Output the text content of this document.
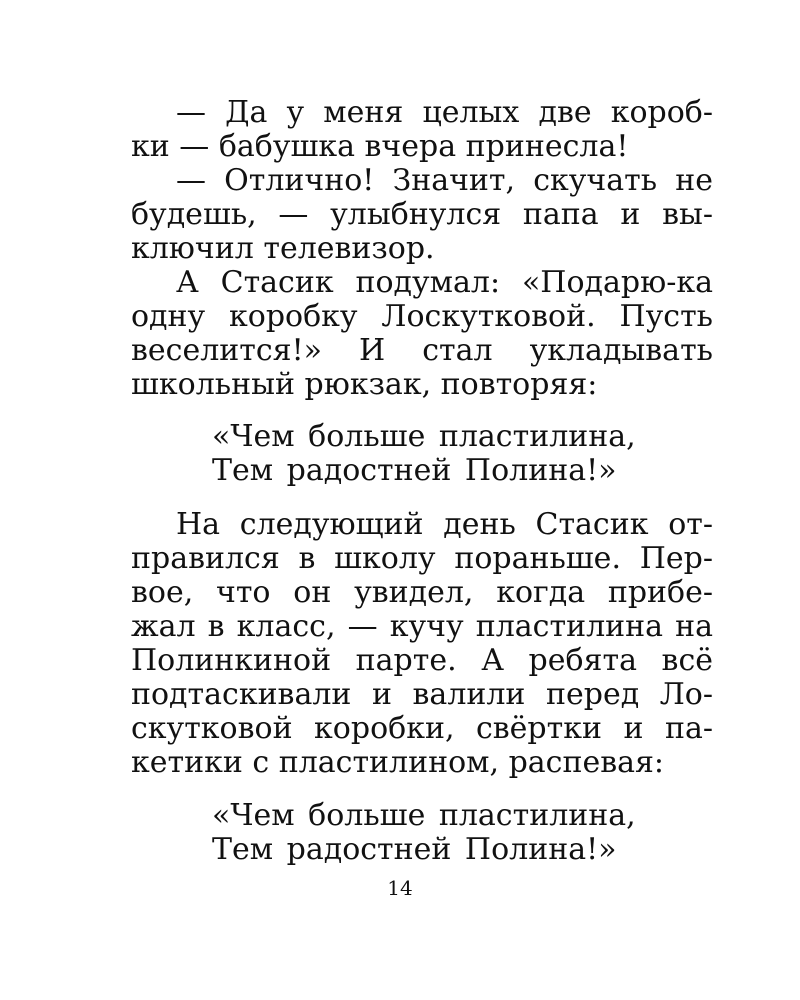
— Да у меня целых две короб-
ки — бабушка вчера принесла!
— Отлично! Значит, скучать не
будешь, — улыбнулся папа и вы-
ключил телевизор.
А Стасик подумал: «Подарю-ка
одну коробку Лоскутковой. Пусть
веселится!» И стал укладывать
школьный рюкзак, повторяя:
«Чем больше пластилина,
Тем радостней Полина!»
На следующий день Стасик от-
правился в школу пораньше. Пер-
вое, что он увидел, когда прибе-
жал в класс, — кучу пластилина на
Полинкиной парте. А ребята всё
подтаскивали и валили перед Ло-
скутковой коробки, свёртки и па-
кетики с пластилином, распевая:
«Чем больше пластилина,
Тем радостней Полина!»
14
